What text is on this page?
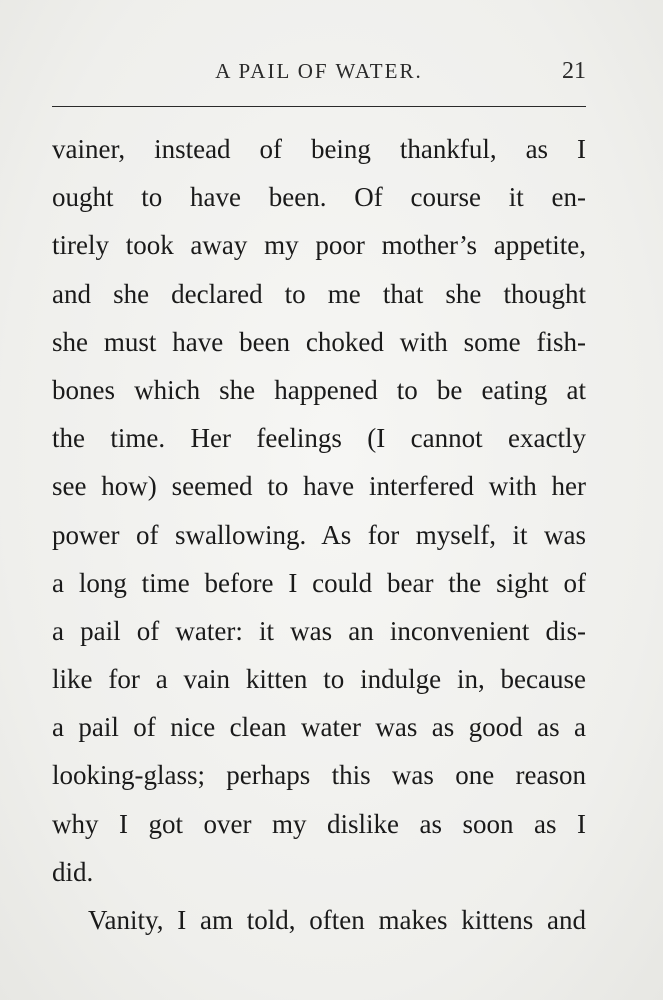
A PAIL OF WATER.	21
vainer, instead of being thankful, as I
ought to have been. Of course it en-
tirely took away my poor mother’s appetite,
and she declared to me that she thought
she must have been choked with some fish-
bones which she happened to be eating at
the time. Her feelings (I cannot exactly
see how) seemed to have interfered with her
power of swallowing. As for myself, it was
a long time before I could bear the sight of
a pail of water: it was an inconvenient dis-
like for a vain kitten to indulge in, because
a pail of nice clean water was as good as a
looking-glass; perhaps this was one reason
why I got over my dislike as soon as I
did.
Vanity, I am told, often makes kittens and
